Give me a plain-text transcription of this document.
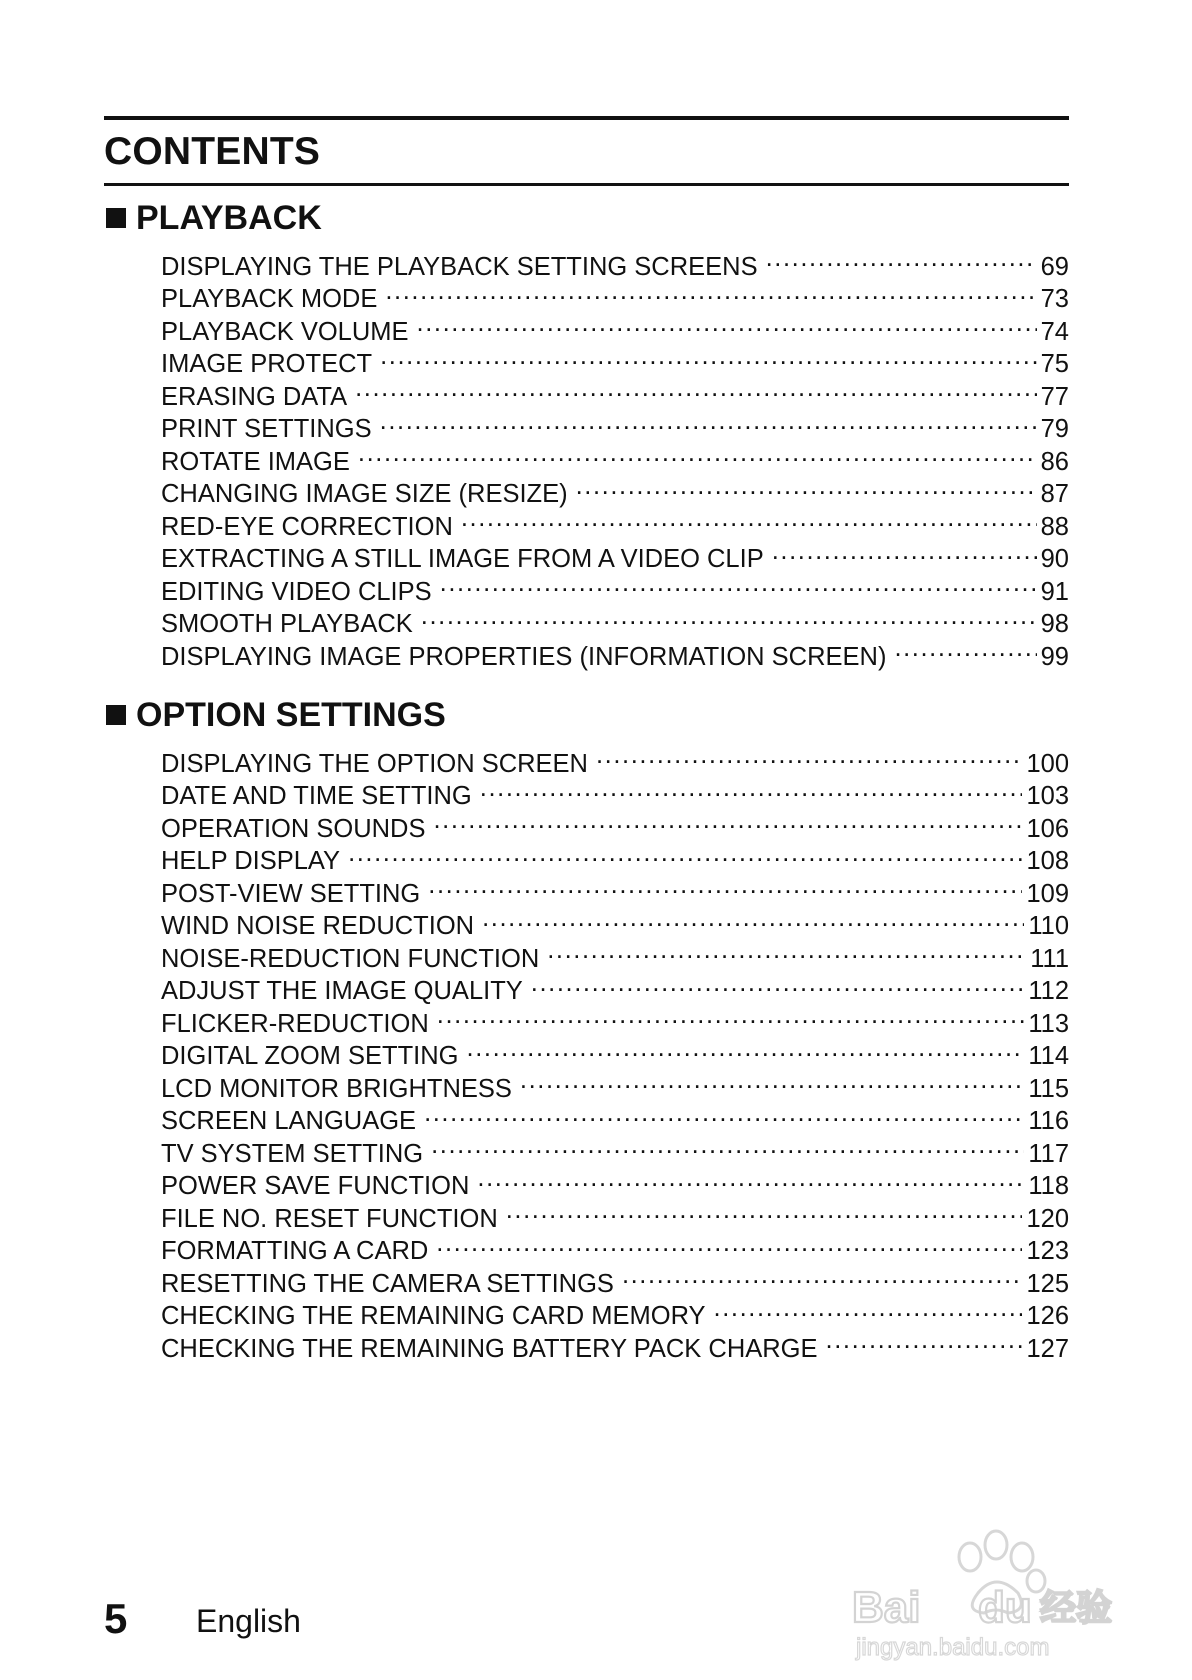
CONTENTS
PLAYBACK
DISPLAYING THE PLAYBACK SETTING SCREENS .....	69
PLAYBACK MODE .....	73
PLAYBACK VOLUME .....	74
IMAGE PROTECT .....	75
ERASING DATA .....	77
PRINT SETTINGS .....	79
ROTATE IMAGE .....	86
CHANGING IMAGE SIZE (RESIZE) .....	87
RED-EYE CORRECTION .....	88
EXTRACTING A STILL IMAGE FROM A VIDEO CLIP .....	90
EDITING VIDEO CLIPS .....	91
SMOOTH PLAYBACK .....	98
DISPLAYING IMAGE PROPERTIES (INFORMATION SCREEN) .....	99
OPTION SETTINGS
DISPLAYING THE OPTION SCREEN .....	100
DATE AND TIME SETTING .....	103
OPERATION SOUNDS .....	106
HELP DISPLAY .....	108
POST-VIEW SETTING .....	109
WIND NOISE REDUCTION .....	110
NOISE-REDUCTION FUNCTION .....	111
ADJUST THE IMAGE QUALITY .....	112
FLICKER-REDUCTION .....	113
DIGITAL ZOOM SETTING .....	114
LCD MONITOR BRIGHTNESS .....	115
SCREEN LANGUAGE .....	116
TV SYSTEM SETTING .....	117
POWER SAVE FUNCTION .....	118
FILE NO. RESET FUNCTION .....	120
FORMATTING A CARD .....	123
RESETTING THE CAMERA SETTINGS .....	125
CHECKING THE REMAINING CARD MEMORY .....	126
CHECKING THE REMAINING BATTERY PACK CHARGE .....	127
5 English	Bai du 经验
jingyan.baidu.com
